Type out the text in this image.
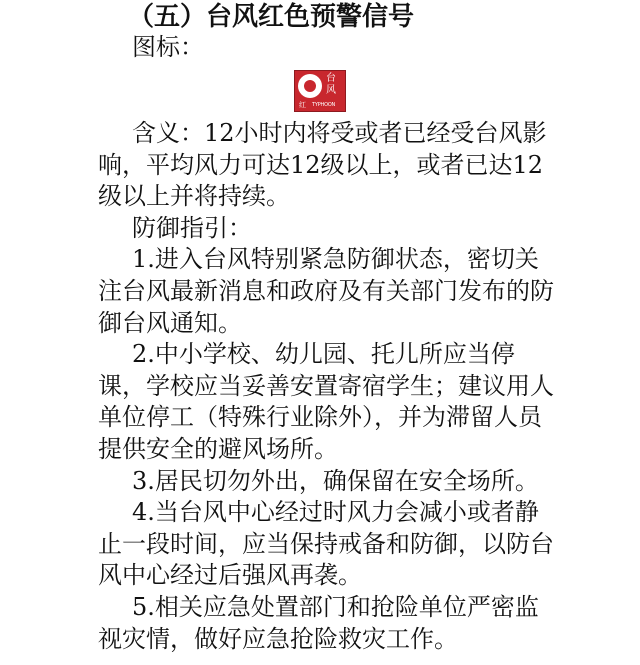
（五）台风红色预警信号
图标：
台
风
红 TYPHOON

含义：12小时内将受或者已经受台风影响，平均风力可达12级以上，或者已达12级以上并将持续。

防御指引：

1.进入台风特别紧急防御状态，密切关注台风最新消息和政府及有关部门发布的防御台风通知。

2.中小学校、幼儿园、托儿所应当停课，学校应当妥善安置寄宿学生；建议用人单位停工（特殊行业除外），并为滞留人员提供安全的避风场所。

3.居民切勿外出，确保留在安全场所。

4.当台风中心经过时风力会减小或者静止一段时间，应当保持戒备和防御，以防台风中心经过后强风再袭。

5.相关应急处置部门和抢险单位严密监视灾情，做好应急抢险救灾工作。
